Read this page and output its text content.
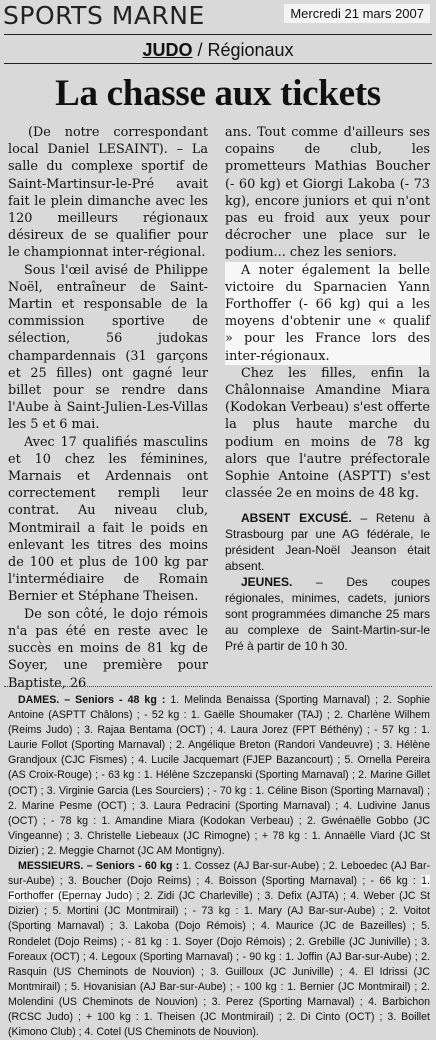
SPORTS MARNE	Mercredi 21 mars 2007
JUDO / Régionaux
La chasse aux tickets

(De notre correspondant local Daniel LESAINT). – La salle du complexe sportif de Saint-Martinsur-le-Pré avait fait le plein dimanche avec les 120 meilleurs régionaux désireux de se qualifier pour le championnat inter-régional.

Sous l'œil avisé de Philippe Noël, entraîneur de Saint-Martin et responsable de la commission sportive de sélection, 56 judokas champardennais (31 garçons et 25 filles) ont gagné leur billet pour se rendre dans l'Aube à Saint-Julien-Les-Villas les 5 et 6 mai.

Avec 17 qualifiés masculins et 10 chez les féminines, Marnais et Ardennais ont correctement rempli leur contrat. Au niveau club, Montmirail a fait le poids en enlevant les titres des moins de 100 et plus de 100 kg par l'intermédiaire de Romain Bernier et Stéphane Theisen.

De son côté, le dojo rémois n'a pas été en reste avec le succès en moins de 81 kg de Soyer, une première pour Baptiste, 26

ans. Tout comme d'ailleurs ses copains de club, les prometteurs Mathias Boucher (- 60 kg) et Giorgi Lakoba (- 73 kg), encore juniors et qui n'ont pas eu froid aux yeux pour décrocher une place sur le podium... chez les seniors.

A noter également la belle victoire du Sparnacien Yann Forthoffer (- 66 kg) qui a les moyens d'obtenir une « qualif » pour les France lors des inter-régionaux.

Chez les filles, enfin la Châlonnaise Amandine Miara (Kodokan Verbeau) s'est offerte la plus haute marche du podium en moins de 78 kg alors que l'autre préfectorale Sophie Antoine (ASPTT) s'est classée 2e en moins de 48 kg.

ABSENT EXCUSÉ. – Retenu à Strasbourg par une AG fédérale, le président Jean-Noël Jeanson était absent.

JEUNES. – Des coupes régionales, minimes, cadets, juniors sont programmées dimanche 25 mars au complexe de Saint-Martin-sur-le Pré à partir de 10 h 30.

DAMES. – Seniors - 48 kg : 1. Melinda Benaissa (Sporting Marnaval) ; 2. Sophie Antoine (ASPTT Châlons) ; - 52 kg : 1. Gaëlle Shoumaker (TAJ) ; 2. Charlène Wilhem (Reims Judo) ; 3. Rajaa Bentama (OCT) ; 4. Laura Jorez (FPT Béthény) ; - 57 kg : 1. Laurie Follot (Sporting Marnaval) ; 2. Angélique Breton (Randori Vandeuvre) ; 3. Hélène Grandjoux (CJC Fismes) ; 4. Lucile Jacquemart (FJEP Bazancourt) ; 5. Ornella Pereira (AS Croix-Rouge) ; - 63 kg : 1. Hélène Szczepanski (Sporting Marnaval) ; 2. Marine Gillet (OCT) ; 3. Virginie Garcia (Les Sourciers) ; - 70 kg : 1. Céline Bison (Sporting Marnaval) ; 2. Marine Pesme (OCT) ; 3. Laura Pedracini (Sporting Marnaval) ; 4. Ludivine Janus (OCT) ; - 78 kg : 1. Amandine Miara (Kodokan Verbeau) ; 2. Gwénaëlle Gobbo (JC Vingeanne) ; 3. Christelle Liebeaux (JC Rimogne) ; + 78 kg : 1. Annaëlle Viard (JC St Dizier) ; 2. Meggie Charnot (JC AM Montigny).

MESSIEURS. – Seniors - 60 kg : 1. Cossez (AJ Bar-sur-Aube) ; 2. Leboedec (AJ Bar-sur-Aube) ; 3. Boucher (Dojo Reims) ; 4. Boisson (Sporting Marnaval) ; - 66 kg : 1. Forthoffer (Epernay Judo) ; 2. Zidi (JC Charleville) ; 3. Defix (AJTA) ; 4. Weber (JC St Dizier) ; 5. Mortini (JC Montmirail) ; - 73 kg : 1. Mary (AJ Bar-sur-Aube) ; 2. Voitot (Sporting Marnaval) ; 3. Lakoba (Dojo Rémois) ; 4. Maurice (JC de Bazeilles) ; 5. Rondelet (Dojo Reims) ; - 81 kg : 1. Soyer (Dojo Rémois) ; 2. Grebille (JC Juniville) ; 3. Foreaux (OCT) ; 4. Legoux (Sporting Marnaval) ; - 90 kg : 1. Joffin (AJ Bar-sur-Aube) ; 2. Rasquin (US Cheminots de Nouvion) ; 3. Guilloux (JC Juniville) ; 4. El Idrissi (JC Montmirail) ; 5. Hovanisian (AJ Bar-sur-Aube) ; - 100 kg : 1. Bernier (JC Montmirail) ; 2. Molendini (US Cheminots de Nouvion) ; 3. Perez (Sporting Marnaval) ; 4. Barbichon (RCSC Judo) ; + 100 kg : 1. Theisen (JC Montmirail) ; 2. Di Cinto (OCT) ; 3. Boillet (Kimono Club) ; 4. Cotel (US Cheminots de Nouvion).
